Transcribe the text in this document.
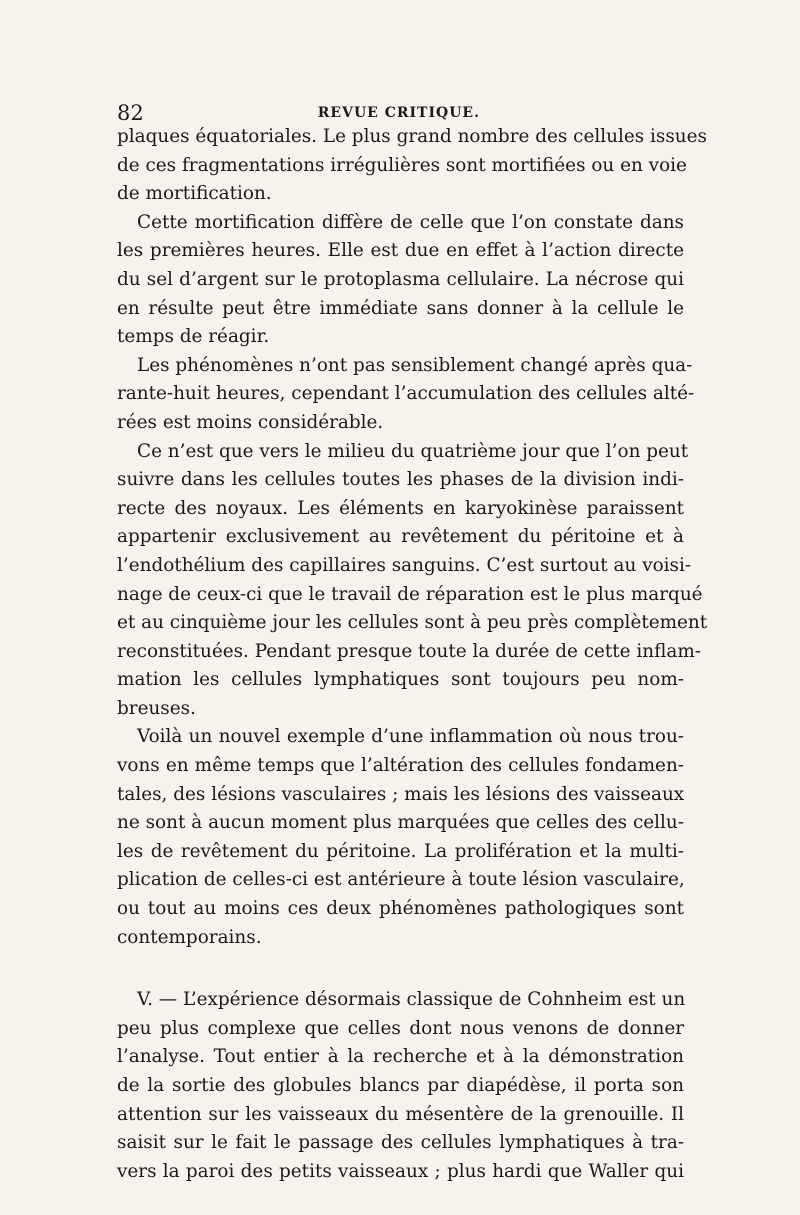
82	REVUE CRITIQUE.
plaques équatoriales. Le plus grand nombre des cellules issues
de ces fragmentations irrégulières sont mortifiées ou en voie
de mortification.
Cette mortification diffère de celle que l’on constate dans
les premières heures. Elle est due en effet à l’action directe
du sel d’argent sur le protoplasma cellulaire. La nécrose qui
en résulte peut être immédiate sans donner à la cellule le
temps de réagir.
Les phénomènes n’ont pas sensiblement changé après qua-
rante-huit heures, cependant l’accumulation des cellules alté-
rées est moins considérable.
Ce n’est que vers le milieu du quatrième jour que l’on peut
suivre dans les cellules toutes les phases de la division indi-
recte des noyaux. Les éléments en karyokinèse paraissent
appartenir exclusivement au revêtement du péritoine et à
l’endothélium des capillaires sanguins. C’est surtout au voisi-
nage de ceux-ci que le travail de réparation est le plus marqué
et au cinquième jour les cellules sont à peu près complètement
reconstituées. Pendant presque toute la durée de cette inflam-
mation les cellules lymphatiques sont toujours peu nom-
breuses.
Voilà un nouvel exemple d’une inflammation où nous trou-
vons en même temps que l’altération des cellules fondamen-
tales, des lésions vasculaires ; mais les lésions des vaisseaux
ne sont à aucun moment plus marquées que celles des cellu-
les de revêtement du péritoine. La prolifération et la multi-
plication de celles-ci est antérieure à toute lésion vasculaire,
ou tout au moins ces deux phénomènes pathologiques sont
contemporains.
V. — L’expérience désormais classique de Cohnheim est un
peu plus complexe que celles dont nous venons de donner
l’analyse. Tout entier à la recherche et à la démonstration
de la sortie des globules blancs par diapédèse, il porta son
attention sur les vaisseaux du mésentère de la grenouille. Il
saisit sur le fait le passage des cellules lymphatiques à tra-
vers la paroi des petits vaisseaux ; plus hardi que Waller qui
